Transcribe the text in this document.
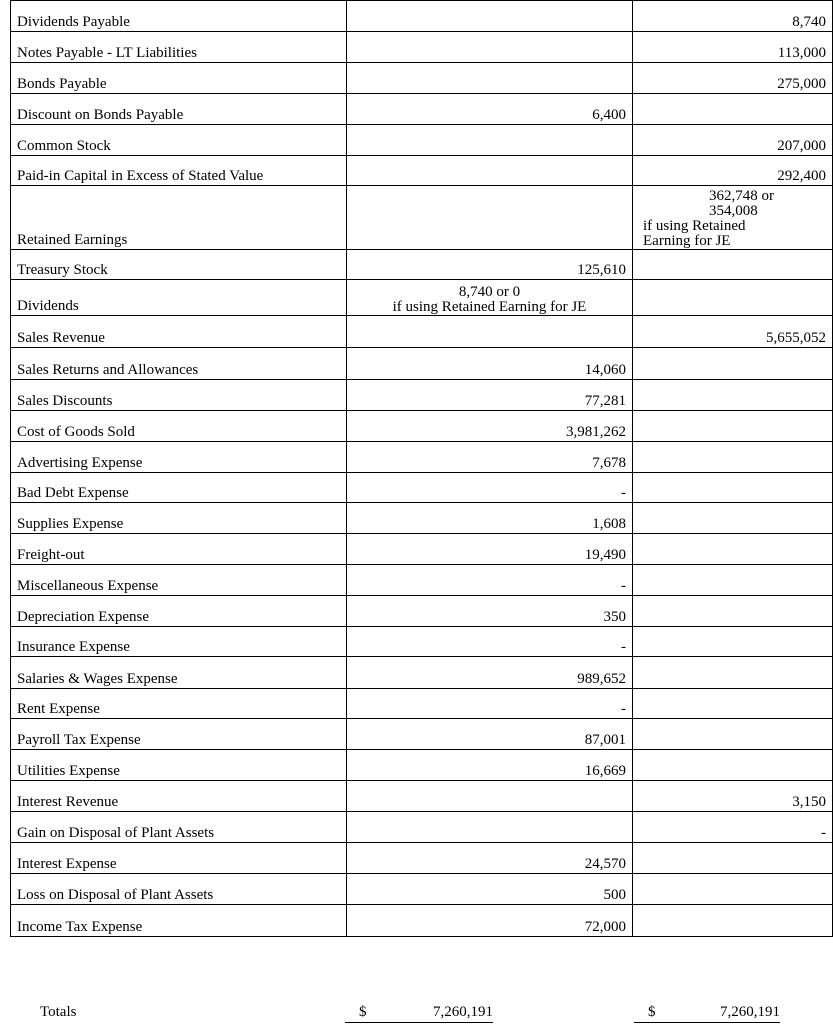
Dividends Payable		8,740
Notes Payable - LT Liabilities		113,000
Bonds Payable		275,000
Discount on Bonds Payable	6,400	
Common Stock		207,000
Paid-in Capital in Excess of Stated Value		292,400
Retained Earnings		362,748 or
354,008
if using Retained
Earning for JE

Treasury Stock	125,610	
Dividends	8,740 or 0
if using Retained Earning for JE	

Sales Revenue		5,655,052
Sales Returns and Allowances	14,060	
Sales Discounts	77,281	
Cost of Goods Sold	3,981,262	
Advertising Expense	7,678	
Bad Debt Expense	-	
Supplies Expense	1,608	
Freight-out	19,490	
Miscellaneous Expense	-	
Depreciation Expense	350	
Insurance Expense	-	
Salaries & Wages Expense	989,652	
Rent Expense	-	
Payroll Tax Expense	87,001	
Utilities Expense	16,669	
Interest Revenue		3,150
Gain on Disposal of Plant Assets		-
Interest Expense	24,570	
Loss on Disposal of Plant Assets	500	
Income Tax Expense	72,000	
Totals	$	7,260,191	$	7,260,191
